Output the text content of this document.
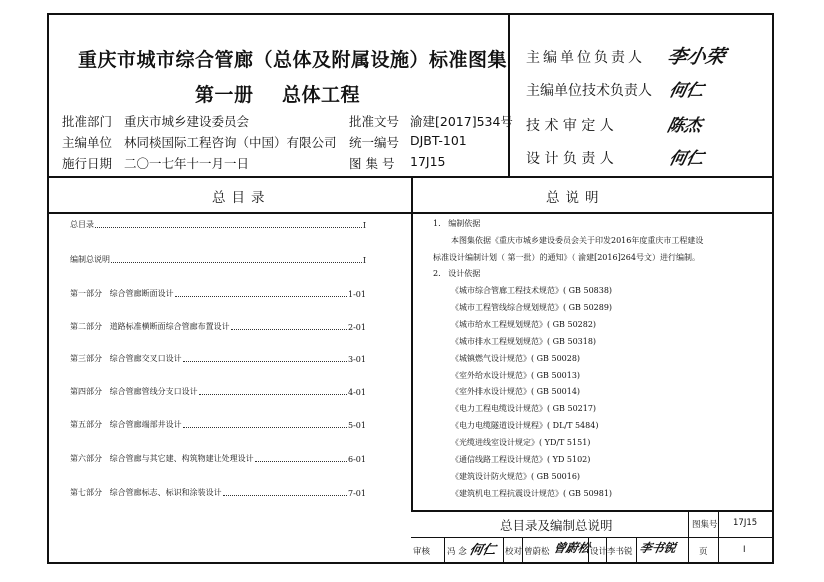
重庆市城市综合管廊（总体及附属设施）标准图集
第一册    总体工程
批准部门 重庆市城乡建设委员会
主编单位 林同棪国际工程咨询（中国）有限公司
施行日期 二〇一七年十一月一日
批准文号 渝建[2017]534号
统一编号 DJBT-101
图 集 号 17J15
主编单位负责人 李小荣
主编单位技术负责人 何仁
技 术 审 定 人	陈杰
设 计 负 责 人	何仁
总目录	总说明
总目录	I
编制总说明	I
第一部分   综合管廊断面设计	1-01
第二部分   道路标准横断面综合管廊布置设计	2-01
第三部分   综合管廊交叉口设计	3-01
第四部分   综合管廊管线分支口设计	4-01
第五部分   综合管廊端部井设计	5-01
第六部分   综合管廊与其它建、构筑物建让处理设计	6-01
第七部分   综合管廊标志、标识和涂装设计	7-01
1.   编制依据
本图集依据《重庆市城乡建设委员会关于印发2016年度重庆市工程建设
标准设计编制计划（ 第一批）的通知》（ 渝建[2016]264号文）进行编制。
2.   设计依据
《城市综合管廊工程技术规范》( GB 50838)
《城市工程管线综合规划规范》( GB 50289)
《城市给水工程规划规范》( GB 50282)
《城市排水工程规划规范》( GB 50318)
《城镇燃气设计规范》( GB 50028)
《室外给水设计规范》( GB 50013)
《室外排水设计规范》( GB 50014)
《电力工程电缆设计规范》( GB 50217)
《电力电缆隧道设计规程》( DL/T 5484)
《光缆进线室设计规定》( YD/T 5151)
《通信线路工程设计规范》( YD 5102)
《建筑设计防火规范》( GB 50016)
《建筑机电工程抗震设计规范》( GB 50981)
总目录及编制总说明	图集号 17J15
审核 冯 念 何仁 校对 曾蔚松 曾蔚松
设计 李书锐 李书锐	页	I
